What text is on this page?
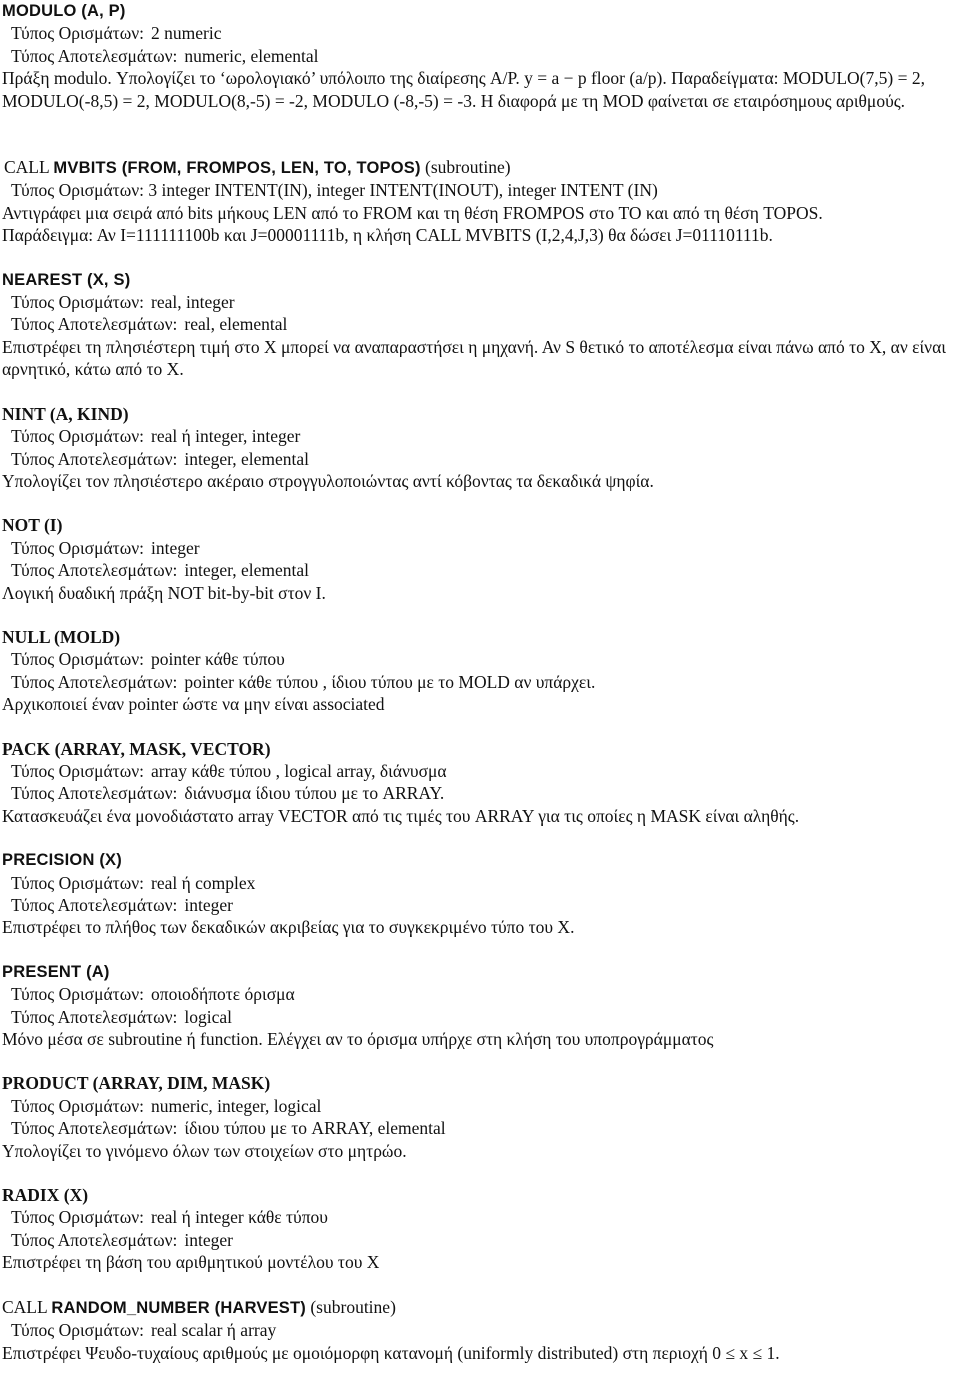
MODULO (A, P)
Τύπος Ορισμάτων: 2 numeric
Τύπος Αποτελεσμάτων: numeric, elemental
Πράξη modulo. Υπολογίζει το ‘ωρολογιακό’ υπόλοιπο της διαίρεσης A/P. y = a − p floor (a/p). Παραδείγματα: MODULO(7,5) = 2, MODULO(-8,5) = 2, MODULO(8,-5) = -2, MODULO (-8,-5) = -3. Η διαφορά με τη MOD φαίνεται σε εταιρόσημους αριθμούς.
CALL MVBITS (FROM, FROMPOS, LEN, TO, TOPOS) (subroutine)
Τύπος Ορισμάτων: 3 integer INTENT(IN), integer INTENT(INOUT), integer INTENT (IN)
Αντιγράφει μια σειρά από bits μήκους LEN από το FROM και τη θέση FROMPOS στο TO και από τη θέση TOPOS.
Παράδειγμα: Αν I=111111100b και J=00001111b, η κλήση CALL MVBITS (I,2,4,J,3) θα δώσει J=01110111b.
NEAREST (X, S)
Τύπος Ορισμάτων: real, integer
Τύπος Αποτελεσμάτων: real, elemental
Επιστρέφει τη πλησιέστερη τιμή στο X μπορεί να αναπαραστήσει η μηχανή. Αν S θετικό το αποτέλεσμα είναι πάνω από το X, αν είναι αρνητικό, κάτω από το X.
NINT (A, KIND)
Τύπος Ορισμάτων: real ή integer, integer
Τύπος Αποτελεσμάτων: integer, elemental
Υπολογίζει τον πλησιέστερο ακέραιο στρογγυλοποιώντας αντί κόβοντας τα δεκαδικά ψηφία.
NOT (I)
Τύπος Ορισμάτων: integer
Τύπος Αποτελεσμάτων: integer, elemental
Λογική δυαδική πράξη NOT bit-by-bit στον I.
NULL (MOLD)
Τύπος Ορισμάτων: pointer κάθε τύπου
Τύπος Αποτελεσμάτων: pointer κάθε τύπου , ίδιου τύπου με το MOLD αν υπάρχει.
Αρχικοποιεί έναν pointer ώστε να μην είναι associated
PACK (ARRAY, MASK, VECTOR)
Τύπος Ορισμάτων: array κάθε τύπου , logical array, διάνυσμα
Τύπος Αποτελεσμάτων: διάνυσμα ίδιου τύπου με το ARRAY.
Κατασκευάζει ένα μονοδιάστατο array VECTOR από τις τιμές του ARRAY για τις οποίες η MASK είναι αληθής.
PRECISION (X)
Τύπος Ορισμάτων: real ή complex
Τύπος Αποτελεσμάτων: integer
Επιστρέφει το πλήθος των δεκαδικών ακριβείας για το συγκεκριμένο τύπο του X.
PRESENT (A)
Τύπος Ορισμάτων: οποιοδήποτε όρισμα
Τύπος Αποτελεσμάτων: logical
Μόνο μέσα σε subroutine ή function. Ελέγχει αν το όρισμα υπήρχε στη κλήση του υποπρογράμματος
PRODUCT (ARRAY, DIM, MASK)
Τύπος Ορισμάτων: numeric, integer, logical
Τύπος Αποτελεσμάτων: ίδιου τύπου με το ARRAY, elemental
Υπολογίζει το γινόμενο όλων των στοιχείων στο μητρώο.
RADIX (X)
Τύπος Ορισμάτων: real ή integer κάθε τύπου
Τύπος Αποτελεσμάτων: integer
Επιστρέφει τη βάση του αριθμητικού μοντέλου του X
CALL RANDOM_NUMBER (HARVEST) (subroutine)
Τύπος Ορισμάτων: real scalar ή array
Επιστρέφει Ψευδο-τυχαίους αριθμούς με ομοιόμορφη κατανομή (uniformly distributed) στη περιοχή 0 ≤ x ≤ 1.
